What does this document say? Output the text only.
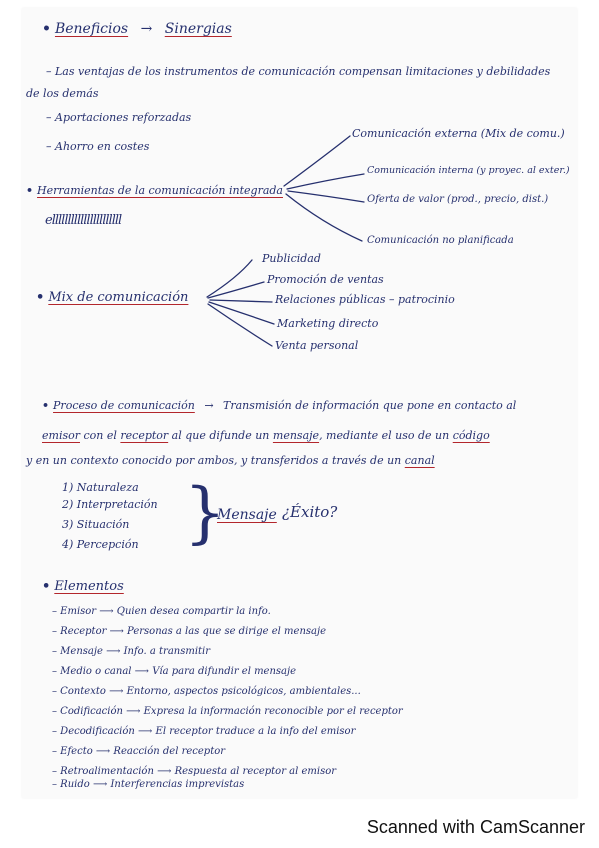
• Beneficios → Sinergias
– Las ventajas de los instrumentos de comunicación compensan limitaciones y debilidades
de los demás
– Aportaciones reforzadas
– Ahorro en costes
• Herramientas de la comunicación integrada
ellllllllllllllllllllll
Comunicación externa (Mix de comu.)
Comunicación interna (y proyec. al exter.)
Oferta de valor (prod., precio, dist.)
Comunicación no planificada
• Mix de comunicación
Publicidad
Promoción de ventas
Relaciones públicas – patrocinio
Marketing directo
Venta personal
• Proceso de comunicación → Transmisión de información que pone en contacto al
emisor con el receptor al que difunde un mensaje, mediante el uso de un código
y en un contexto conocido por ambos, y transferidos a través de un canal
1) Naturaleza
2) Interpretación
3) Situación
4) Percepción }
Mensaje ¿Éxito?
• Elementos
– Emisor ⟶ Quien desea compartir la info.
– Receptor ⟶ Personas a las que se dirige el mensaje
– Mensaje ⟶ Info. a transmitir
– Medio o canal ⟶ Vía para difundir el mensaje
– Contexto ⟶ Entorno, aspectos psicológicos, ambientales...
– Codificación ⟶ Expresa la información reconocible por el receptor
– Decodificación ⟶ El receptor traduce a la info del emisor
– Efecto ⟶ Reacción del receptor
– Retroalimentación ⟶ Respuesta al receptor al emisor
– Ruido ⟶ Interferencias imprevistas
Scanned with CamScanner
